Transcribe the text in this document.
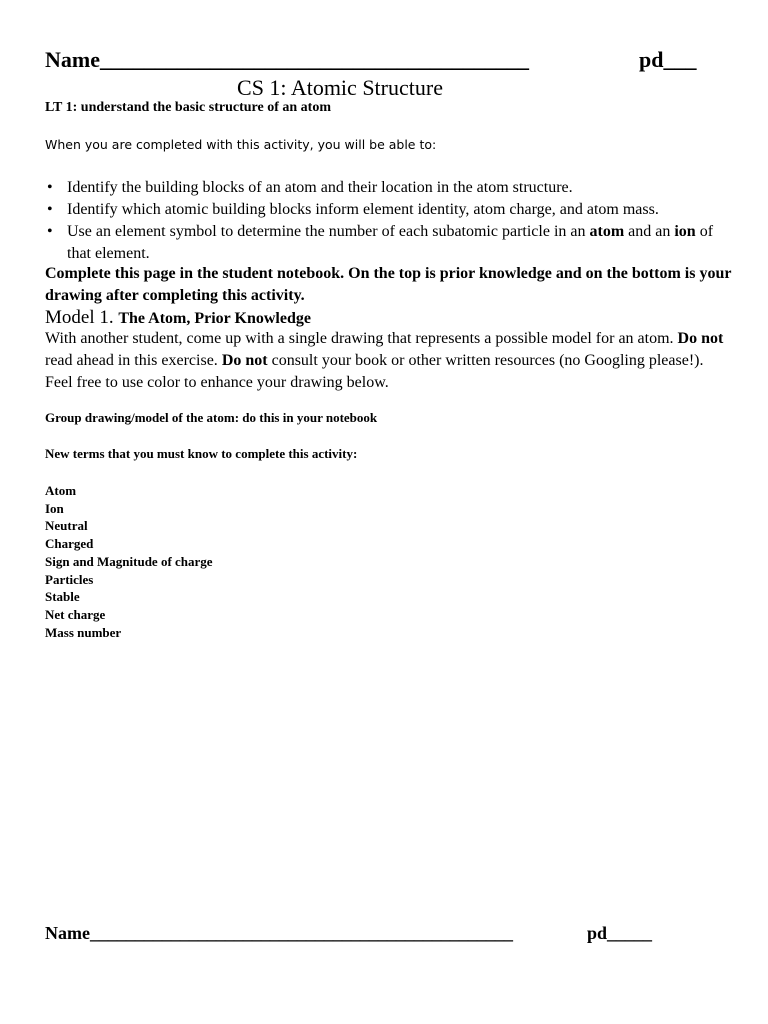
Name_______________________________________	pd___
CS 1: Atomic Structure

LT 1: understand the basic structure of an atom

When you are completed with this activity, you will be able to:

• Identify the building blocks of an atom and their location in the atom structure.
• Identify which atomic building blocks inform element identity, atom charge, and atom mass.
• Use an element symbol to determine the number of each subatomic particle in an atom and an ion of that element.

Complete this page in the student notebook. On the top is prior knowledge and on the bottom is your drawing after completing this activity.

Model 1. The Atom, Prior Knowledge

With another student, come up with a single drawing that represents a possible model for an atom. Do not read ahead in this exercise. Do not consult your book or other written resources (no Googling please!). Feel free to use color to enhance your drawing below.

Group drawing/model of the atom: do this in your notebook

New terms that you must know to complete this activity:

Atom
Ion
Neutral
Charged
Sign and Magnitude of charge
Particles
Stable
Net charge
Mass number
Name_______________________________________________	pd_____
